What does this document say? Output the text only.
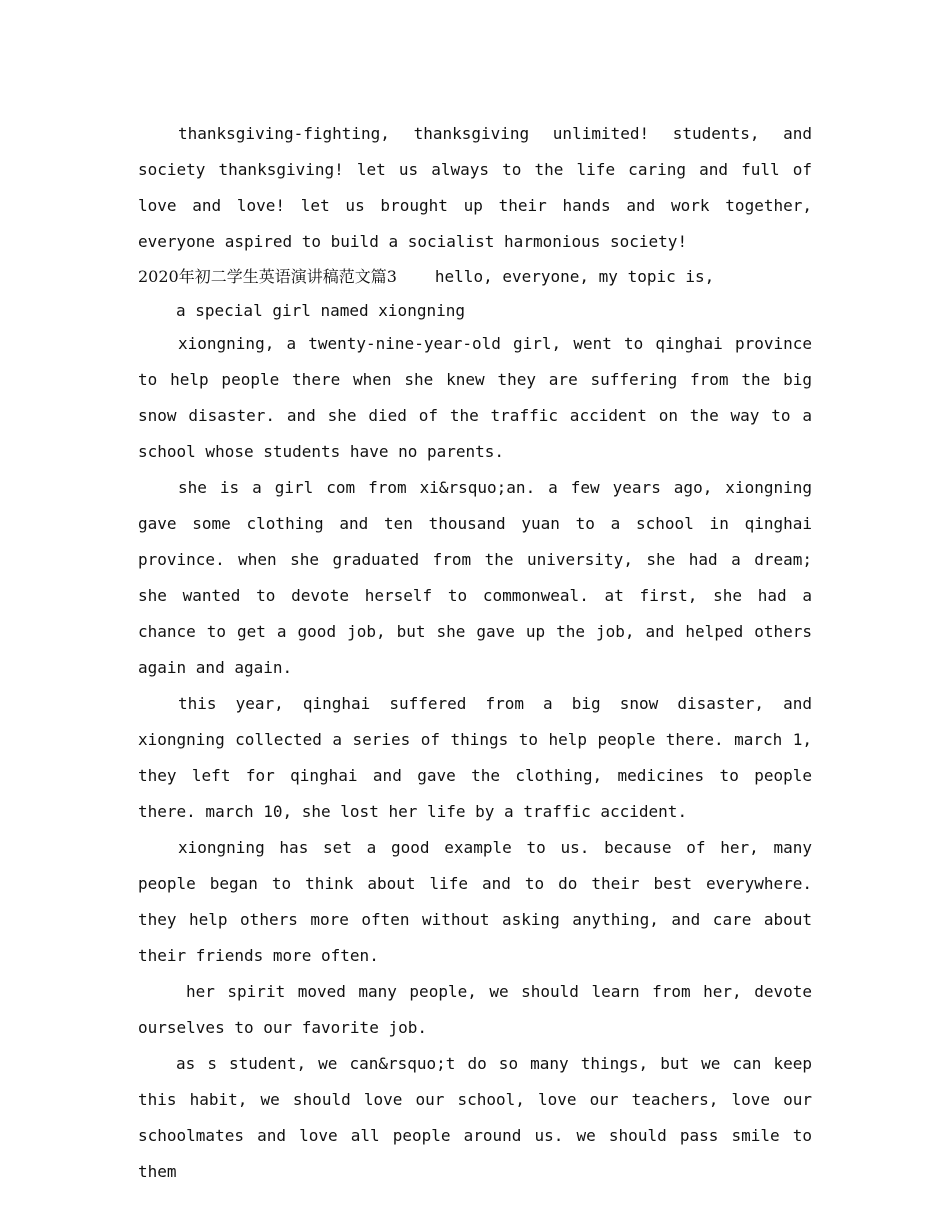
thanksgiving-fighting, thanksgiving unlimited! students, and society thanksgiving! let us always to the life caring and full of love and love! let us brought up their hands and work together, everyone aspired to build a socialist harmonious society!

2020年初二学生英语演讲稿范文篇3 hello, everyone, my topic is,

a special girl named xiongning

xiongning, a twenty-nine-year-old girl, went to qinghai province to help people there when she knew they are suffering from the big snow disaster. and she died of the traffic accident on the way to a school whose students have no parents.

she is a girl com from xi&rsquo;an. a few years ago, xiongning gave some clothing and ten thousand yuan to a school in qinghai province. when she graduated from the university, she had a dream; she wanted to devote herself to commonweal. at first, she had a chance to get a good job, but she gave up the job, and helped others again and again.

this year, qinghai suffered from a big snow disaster, and xiongning collected a series of things to help people there. march 1, they left for qinghai and gave the clothing, medicines to people there. march 10, she lost her life by a traffic accident.

xiongning has set a good example to us. because of her, many people began to think about life and to do their best everywhere. they help others more often without asking anything, and care about their friends more often.

her spirit moved many people, we should learn from her, devote ourselves to our favorite job.

as s student, we can&rsquo;t do so many things, but we can keep this habit, we should love our school, love our teachers, love our schoolmates and love all people around us. we should pass smile to them
